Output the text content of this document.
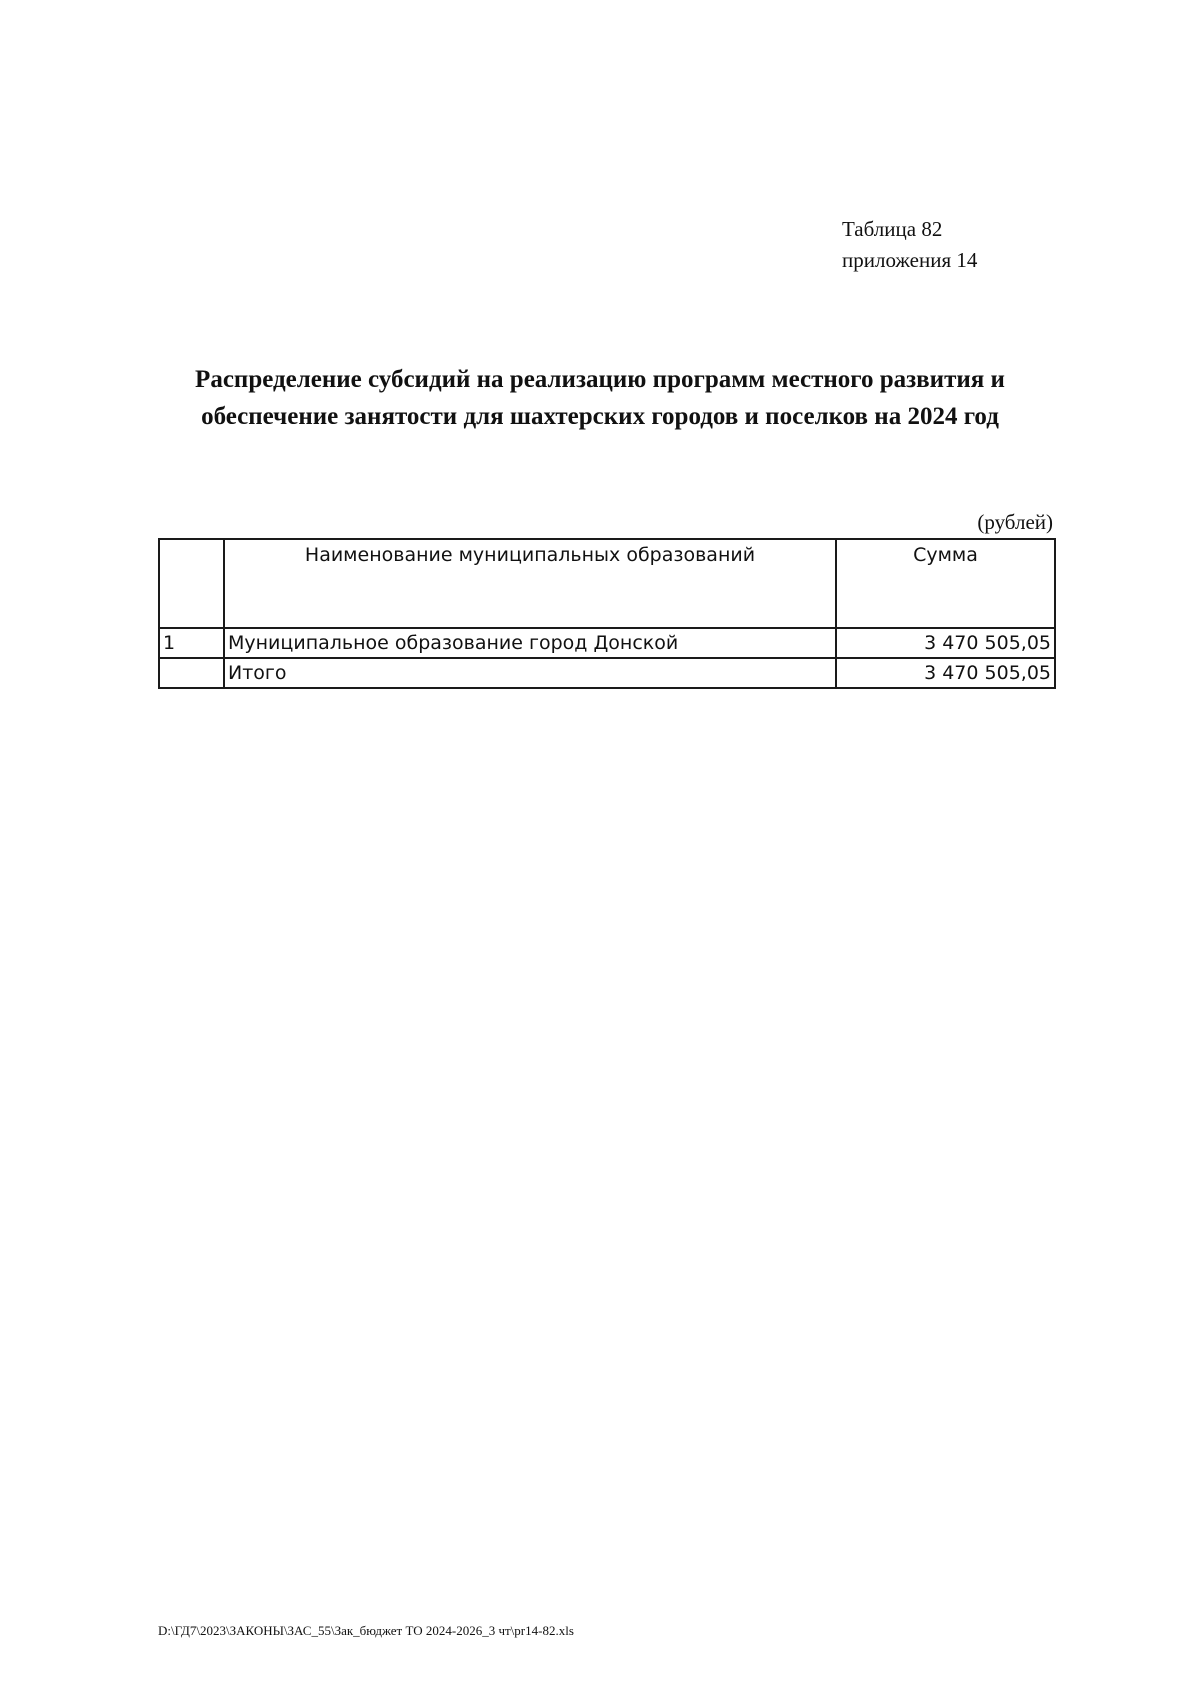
Таблица 82
приложения 14
Распределение субсидий на реализацию программ местного развития и
обеспечение занятости для шахтерских городов и поселков на 2024 год
(рублей)
	Наименование муниципальных образований	Сумма
1	Муниципальное образование город Донской	3 470 505,05
	Итого	3 470 505,05
D:\ГД7\2023\ЗАКОНЫ\ЗАС_55\Зак_бюджет ТО 2024-2026_3 чт\pr14-82.xls
